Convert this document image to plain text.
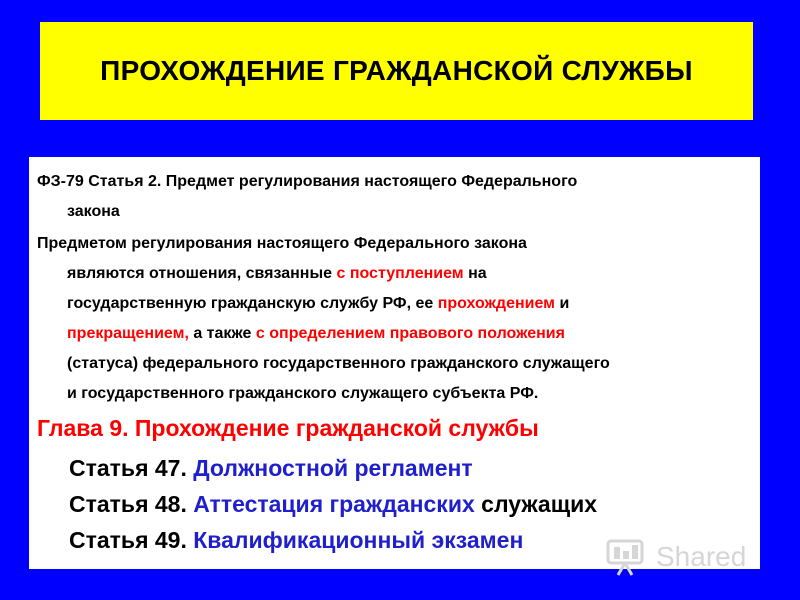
ПРОХОЖДЕНИЕ ГРАЖДАНСКОЙ СЛУЖБЫ
ФЗ-79 Статья 2. Предмет регулирования настоящего Федерального
закона
Предметом регулирования настоящего Федерального закона
являются отношения, связанные с поступлением на
государственную гражданскую службу РФ, ее прохождением и
прекращением, а также с определением правового положения
(статуса) федерального государственного гражданского служащего
и государственного гражданского служащего субъекта РФ.
Глава 9. Прохождение гражданской службы
Статья 47. Должностной регламент
Статья 48. Аттестация гражданских служащих
Статья 49. Квалификационный экзамен
Shared
